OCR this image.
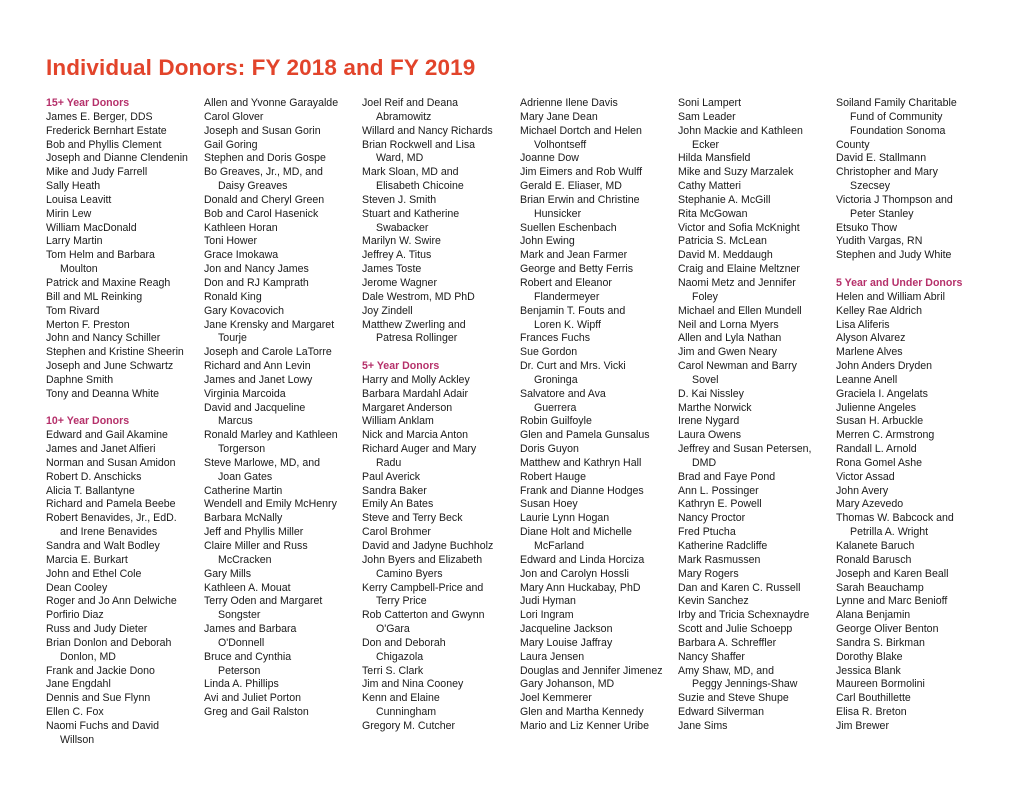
Individual Donors: FY 2018 and FY 2019
15+ Year Donors
James E. Berger, DDS
Frederick Bernhart Estate
Bob and Phyllis Clement
Joseph and Dianne Clendenin
Mike and Judy Farrell
Sally Heath
Louisa Leavitt
Mirin Lew
William MacDonald
Larry Martin
Tom Helm and Barbara
Moulton
Patrick and Maxine Reagh
Bill and ML Reinking
Tom Rivard
Merton F. Preston
John and Nancy Schiller
Stephen and Kristine Sheerin
Joseph and June Schwartz
Daphne Smith
Tony and Deanna White
10+ Year Donors
Edward and Gail Akamine
James and Janet Alfieri
Norman and Susan Amidon
Robert D. Anschicks
Alicia T. Ballantyne
Richard and Pamela Beebe
Robert Benavides, Jr., EdD.
and Irene Benavides
Sandra and Walt Bodley
Marcia E. Burkart
John and Ethel Cole
Dean Cooley
Roger and Jo Ann Delwiche
Porfirio Diaz
Russ and Judy Dieter
Brian Donlon and Deborah
Donlon, MD
Frank and Jackie Dono
Jane Engdahl
Dennis and Sue Flynn
Ellen C. Fox
Naomi Fuchs and David
Willson
Allen and Yvonne Garayalde
Carol Glover
Joseph and Susan Gorin
Gail Goring
Stephen and Doris Gospe
Bo Greaves, Jr., MD, and
Daisy Greaves
Donald and Cheryl Green
Bob and Carol Hasenick
Kathleen Horan
Toni Hower
Grace Imokawa
Jon and Nancy James
Don and RJ Kamprath
Ronald King
Gary Kovacovich
Jane Krensky and Margaret
Tourje
Joseph and Carole LaTorre
Richard and Ann Levin
James and Janet Lowy
Virginia Marcoida
David and Jacqueline
Marcus
Ronald Marley and Kathleen
Torgerson
Steve Marlowe, MD, and
Joan Gates
Catherine Martin
Wendell and Emily McHenry
Barbara McNally
Jeff and Phyllis Miller
Claire Miller and Russ
McCracken
Gary Mills
Kathleen A. Mouat
Terry Oden and Margaret
Songster
James and Barbara
O'Donnell
Bruce and Cynthia
Peterson
Linda A. Phillips
Avi and Juliet Porton
Greg and Gail Ralston
Joel Reif and Deana
Abramowitz
Willard and Nancy Richards
Brian Rockwell and Lisa
Ward, MD
Mark Sloan, MD and
Elisabeth Chicoine
Steven J. Smith
Stuart and Katherine
Swabacker
Marilyn W. Swire
Jeffrey A. Titus
James Toste
Jerome Wagner
Dale Westrom, MD PhD
Joy Zindell
Matthew Zwerling and
Patresa Rollinger
5+ Year Donors
Harry and Molly Ackley
Barbara Mardahl Adair
Margaret Anderson
William Anklam
Nick and Marcia Anton
Richard Auger and Mary
Radu
Paul Averick
Sandra Baker
Emily An Bates
Steve and Terry Beck
Carol Brohmer
David and Jadyne Buchholz
John Byers and Elizabeth
Camino Byers
Kerry Campbell-Price and
Terry Price
Rob Catterton and Gwynn
O'Gara
Don and Deborah
Chigazola
Terri S. Clark
Jim and Nina Cooney
Kenn and Elaine
Cunningham
Gregory M. Cutcher
Adrienne Ilene Davis
Mary Jane Dean
Michael Dortch and Helen
Volhontseff
Joanne Dow
Jim Eimers and Rob Wulff
Gerald E. Eliaser, MD
Brian Erwin and Christine
Hunsicker
Suellen Eschenbach
John Ewing
Mark and Jean Farmer
George and Betty Ferris
Robert and Eleanor
Flandermeyer
Benjamin T. Fouts and
Loren K. Wipff
Frances Fuchs
Sue Gordon
Dr. Curt and Mrs. Vicki
Groninga
Salvatore and Ava
Guerrera
Robin Guilfoyle
Glen and Pamela Gunsalus
Doris Guyon
Matthew and Kathryn Hall
Robert Hauge
Frank and Dianne Hodges
Susan Hoey
Laurie Lynn Hogan
Diane Holt and Michelle
McFarland
Edward and Linda Horciza
Jon and Carolyn Hossli
Mary Ann Huckabay, PhD
Judi Hyman
Lori Ingram
Jacqueline Jackson
Mary Louise Jaffray
Laura Jensen
Douglas and Jennifer Jimenez
Gary Johanson, MD
Joel Kemmerer
Glen and Martha Kennedy
Mario and Liz Kenner Uribe
Soni Lampert
Sam Leader
John Mackie and Kathleen
Ecker
Hilda Mansfield
Mike and Suzy Marzalek
Cathy Matteri
Stephanie A. McGill
Rita McGowan
Victor and Sofia McKnight
Patricia S. McLean
David M. Meddaugh
Craig and Elaine Meltzner
Naomi Metz and Jennifer
Foley
Michael and Ellen Mundell
Neil and Lorna Myers
Allen and Lyla Nathan
Jim and Gwen Neary
Carol Newman and Barry
Sovel
D. Kai Nissley
Marthe Norwick
Irene Nygard
Laura Owens
Jeffrey and Susan Petersen,
DMD
Brad and Faye Pond
Ann L. Possinger
Kathryn E. Powell
Nancy Proctor
Fred Ptucha
Katherine Radcliffe
Mark Rasmussen
Mary Rogers
Dan and Karen C. Russell
Kevin Sanchez
Irby and Tricia Schexnaydre
Scott and Julie Schoepp
Barbara A. Schreffler
Nancy Shaffer
Amy Shaw, MD, and
Peggy Jennings-Shaw
Suzie and Steve Shupe
Edward Silverman
Jane Sims
Soiland Family Charitable
Fund of Community
Foundation Sonoma
County
David E. Stallmann
Christopher and Mary
Szecsey
Victoria J Thompson and
Peter Stanley
Etsuko Thow
Yudith Vargas, RN
Stephen and Judy White
5 Year and Under Donors
Helen and William Abril
Kelley Rae Aldrich
Lisa Aliferis
Alyson Alvarez
Marlene Alves
John Anders Dryden
Leanne Anell
Graciela I. Angelats
Julienne Angeles
Susan H. Arbuckle
Merren C. Armstrong
Randall L. Arnold
Rona Gomel Ashe
Victor Assad
John Avery
Mary Azevedo
Thomas W. Babcock and
Petrilla A. Wright
Kalanete Baruch
Ronald Barusch
Joseph and Karen Beall
Sarah Beauchamp
Lynne and Marc Benioff
Alana Benjamin
George Oliver Benton
Sandra S. Birkman
Dorothy Blake
Jessica Blank
Maureen Bormolini
Carl Bouthillette
Elisa R. Breton
Jim Brewer
